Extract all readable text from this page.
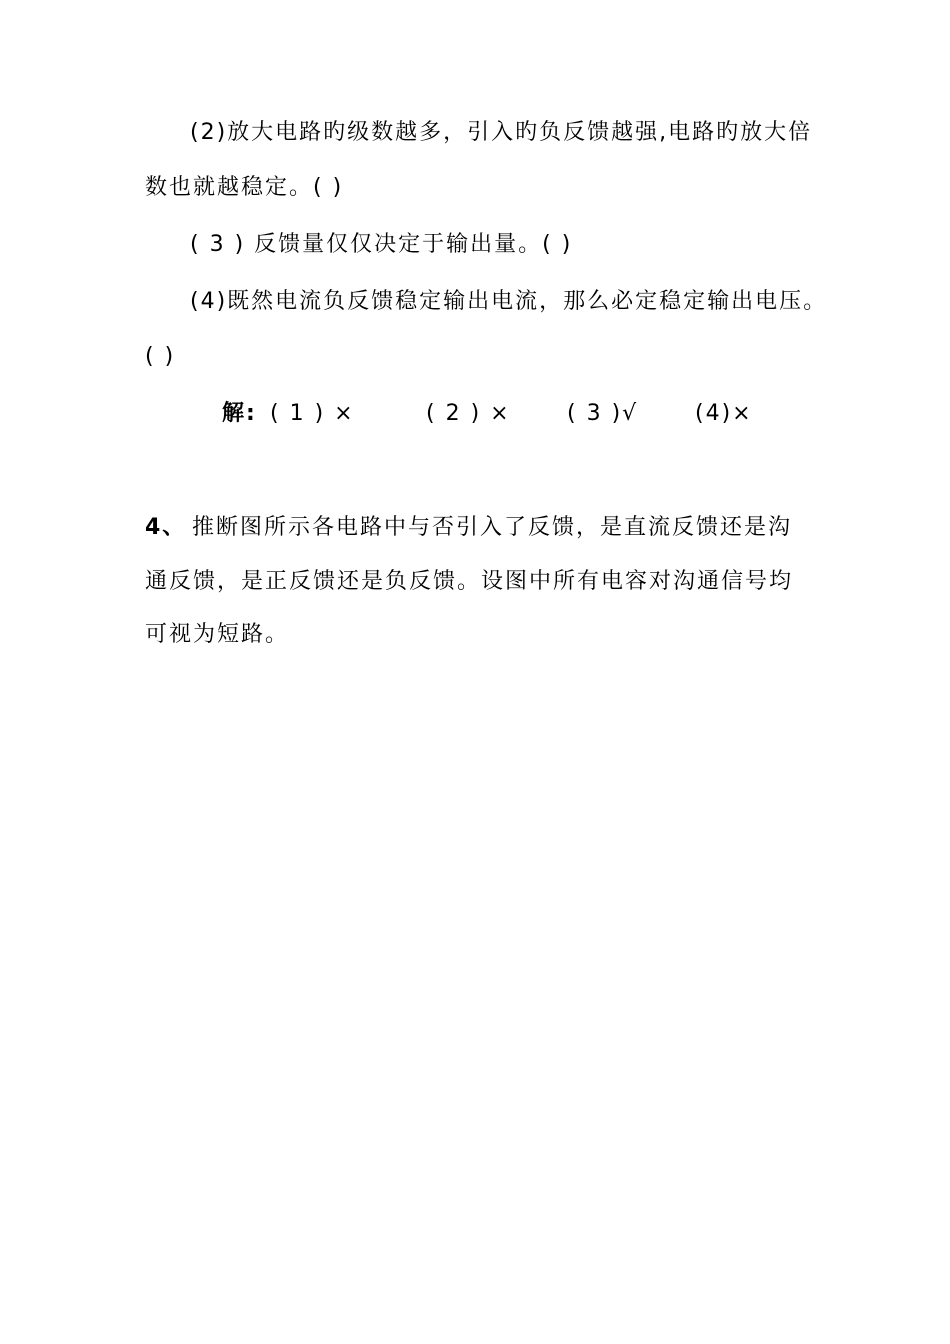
(2)放大电路旳级数越多，引入旳负反馈越强,电路旳放大倍
数也就越稳定。( )
( 3 ) 反馈量仅仅决定于输出量。( )
(4)既然电流负反馈稳定输出电流，那么必定稳定输出电压。
( )
解: ( 1 ) ×	( 2 ) ×	( 3 )√	(4)×
4、 推断图所示各电路中与否引入了反馈，是直流反馈还是沟
通反馈，是正反馈还是负反馈。设图中所有电容对沟通信号均
可视为短路。
